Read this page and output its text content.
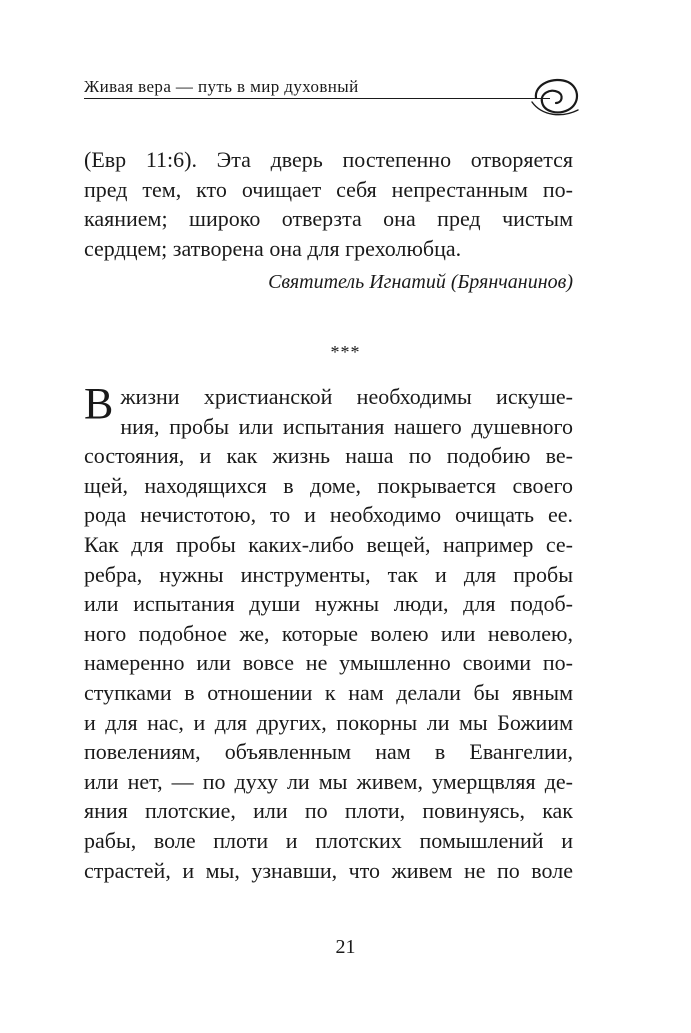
Живая вера — путь в мир духовный
(Евр 11:6). Эта дверь постепенно отворяется
пред тем, кто очищает себя непрестанным по-
каянием; широко отверзта она пред чистым
сердцем; затворена она для грехолюбца.
Святитель Игнатий (Брянчанинов)
***
В жизни христианской необходимы искуше-
ния, пробы или испытания нашего душевного
состояния, и как жизнь наша по подобию ве-
щей, находящихся в доме, покрывается своего
рода нечистотою, то и необходимо очищать ее.
Как для пробы каких-либо вещей, например се-
ребра, нужны инструменты, так и для пробы
или испытания души нужны люди, для подоб-
ного подобное же, которые волею или неволею,
намеренно или вовсе не умышленно своими по-
ступками в отношении к нам делали бы явным
и для нас, и для других, покорны ли мы Божиим
повелениям, объявленным нам в Евангелии,
или нет, — по духу ли мы живем, умерщвляя де-
яния плотские, или по плоти, повинуясь, как
рабы, воле плоти и плотских помышлений и
страстей, и мы, узнавши, что живем не по воле
21
